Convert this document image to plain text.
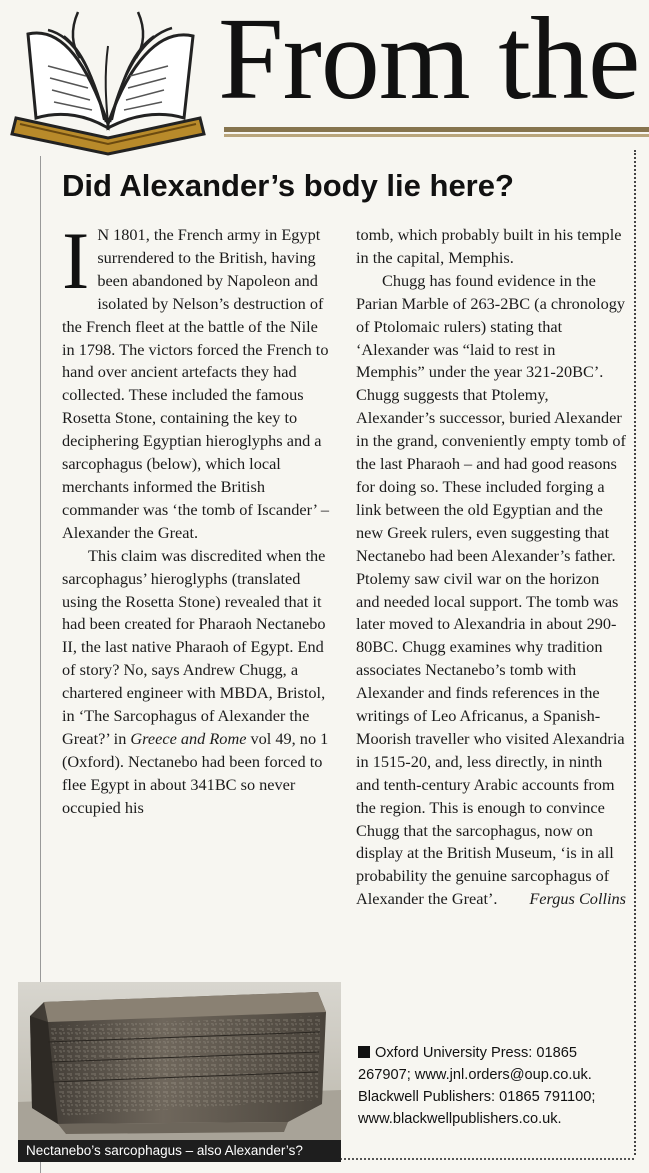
From the
Did Alexander’s body lie here?

I N 1801, the French army in Egypt surrendered to the British, having been abandoned by Napoleon and isolated by Nelson’s destruction of the French fleet at the battle of the Nile in 1798. The victors forced the French to hand over ancient artefacts they had collected. These included the famous Rosetta Stone, containing the key to deciphering Egyptian hieroglyphs and a sarcophagus (below), which local merchants informed the British commander was ‘the tomb of Iscander’ – Alexander the Great.

This claim was discredited when the sarcophagus’ hieroglyphs (translated using the Rosetta Stone) revealed that it had been created for Pharaoh Nectanebo II, the last native Pharaoh of Egypt. End of story? No, says Andrew Chugg, a chartered engineer with MBDA, Bristol, in ‘The Sarcophagus of Alexander the Great?’ in Greece and Rome vol 49, no 1 (Oxford). Nectanebo had been forced to flee Egypt in about 341BC so never occupied his

tomb, which probably built in his temple in the capital, Memphis.

Chugg has found evidence in the Parian Marble of 263-2BC (a chronology of Ptolomaic rulers) stating that ‘Alexander was “laid to rest in Memphis” under the year 321-20BC’. Chugg suggests that Ptolemy, Alexander’s successor, buried Alexander in the grand, conveniently empty tomb of the last Pharaoh – and had good reasons for doing so. These included forging a link between the old Egyptian and the new Greek rulers, even suggesting that Nectanebo had been Alexander’s father. Ptolemy saw civil war on the horizon and needed local support. The tomb was later moved to Alexandria in about 290-80BC. Chugg examines why tradition associates Nectanebo’s tomb with Alexander and finds references in the writings of Leo Africanus, a Spanish-Moorish traveller who visited Alexandria in 1515-20, and, less directly, in ninth and tenth-century Arabic accounts from the region. This is enough to convince Chugg that the sarcophagus, now on display at the British Museum, ‘is in all probability the genuine sarcophagus of Alexander the Great’.	Fergus Collins

Nectanebo’s sarcophagus – also Alexander’s?
Oxford University Press: 01865
267907; www.jnl.orders@oup.co.uk.
Blackwell Publishers: 01865 791100;
www.blackwellpublishers.co.uk.
